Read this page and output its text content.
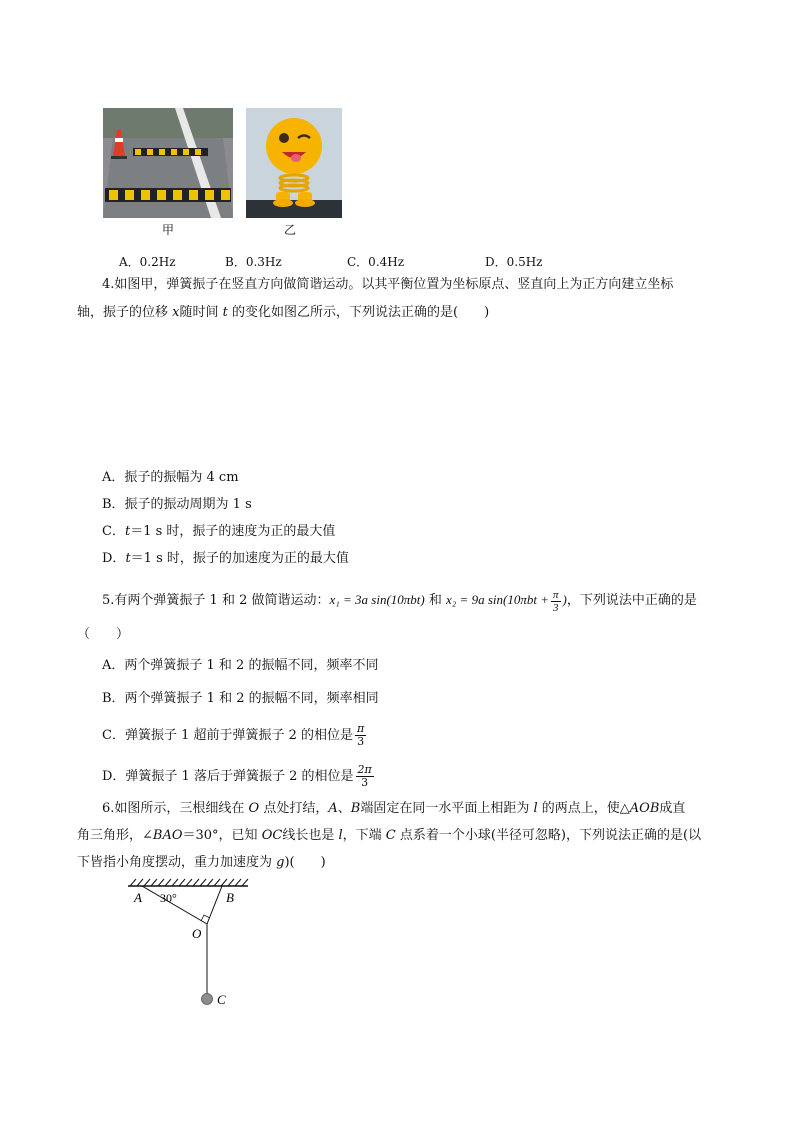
甲	乙
A．0.2Hz	B．0.3Hz	C．0.4Hz	D．0.5Hz
4.如图甲，弹簧振子在竖直方向做简谐运动。以其平衡位置为坐标原点、竖直向上为正方向建立坐标
轴，振子的位移 x随时间 t 的变化如图乙所示，下列说法正确的是(　　)
A．振子的振幅为 4 cm
B．振子的振动周期为 1 s
C．t＝1 s 时，振子的速度为正的最大值
D．t＝1 s 时，振子的加速度为正的最大值
5.有两个弹簧振子 1 和 2 做简谐运动：x₁ = 3a sin(10πbt) 和 x₂ = 9a $\sin(10\pi bt + \frac{\pi}{3}$ )，下列说法中正确的是
（　　）
A．两个弹簧振子 1 和 2 的振幅不同，频率不同
B．两个弹簧振子 1 和 2 的振幅不同，频率相同
C．弹簧振子 1 超前于弹簧振子 2 的相位是 $\frac{\pi}{3}$
D．弹簧振子 1 落后于弹簧振子 2 的相位是 $\frac{2\pi}{3}$
6.如图所示，三根细线在 O 点处打结，A、B端固定在同一水平面上相距为 l 的两点上，使△AOB成直
角三角形，∠BAO＝30°，已知 OC线长也是 l，下端 C 点系着一个小球(半径可忽略)，下列说法正确的是(以
下皆指小角度摆动，重力加速度为 g)(　　)
A	B
O
C
30°
